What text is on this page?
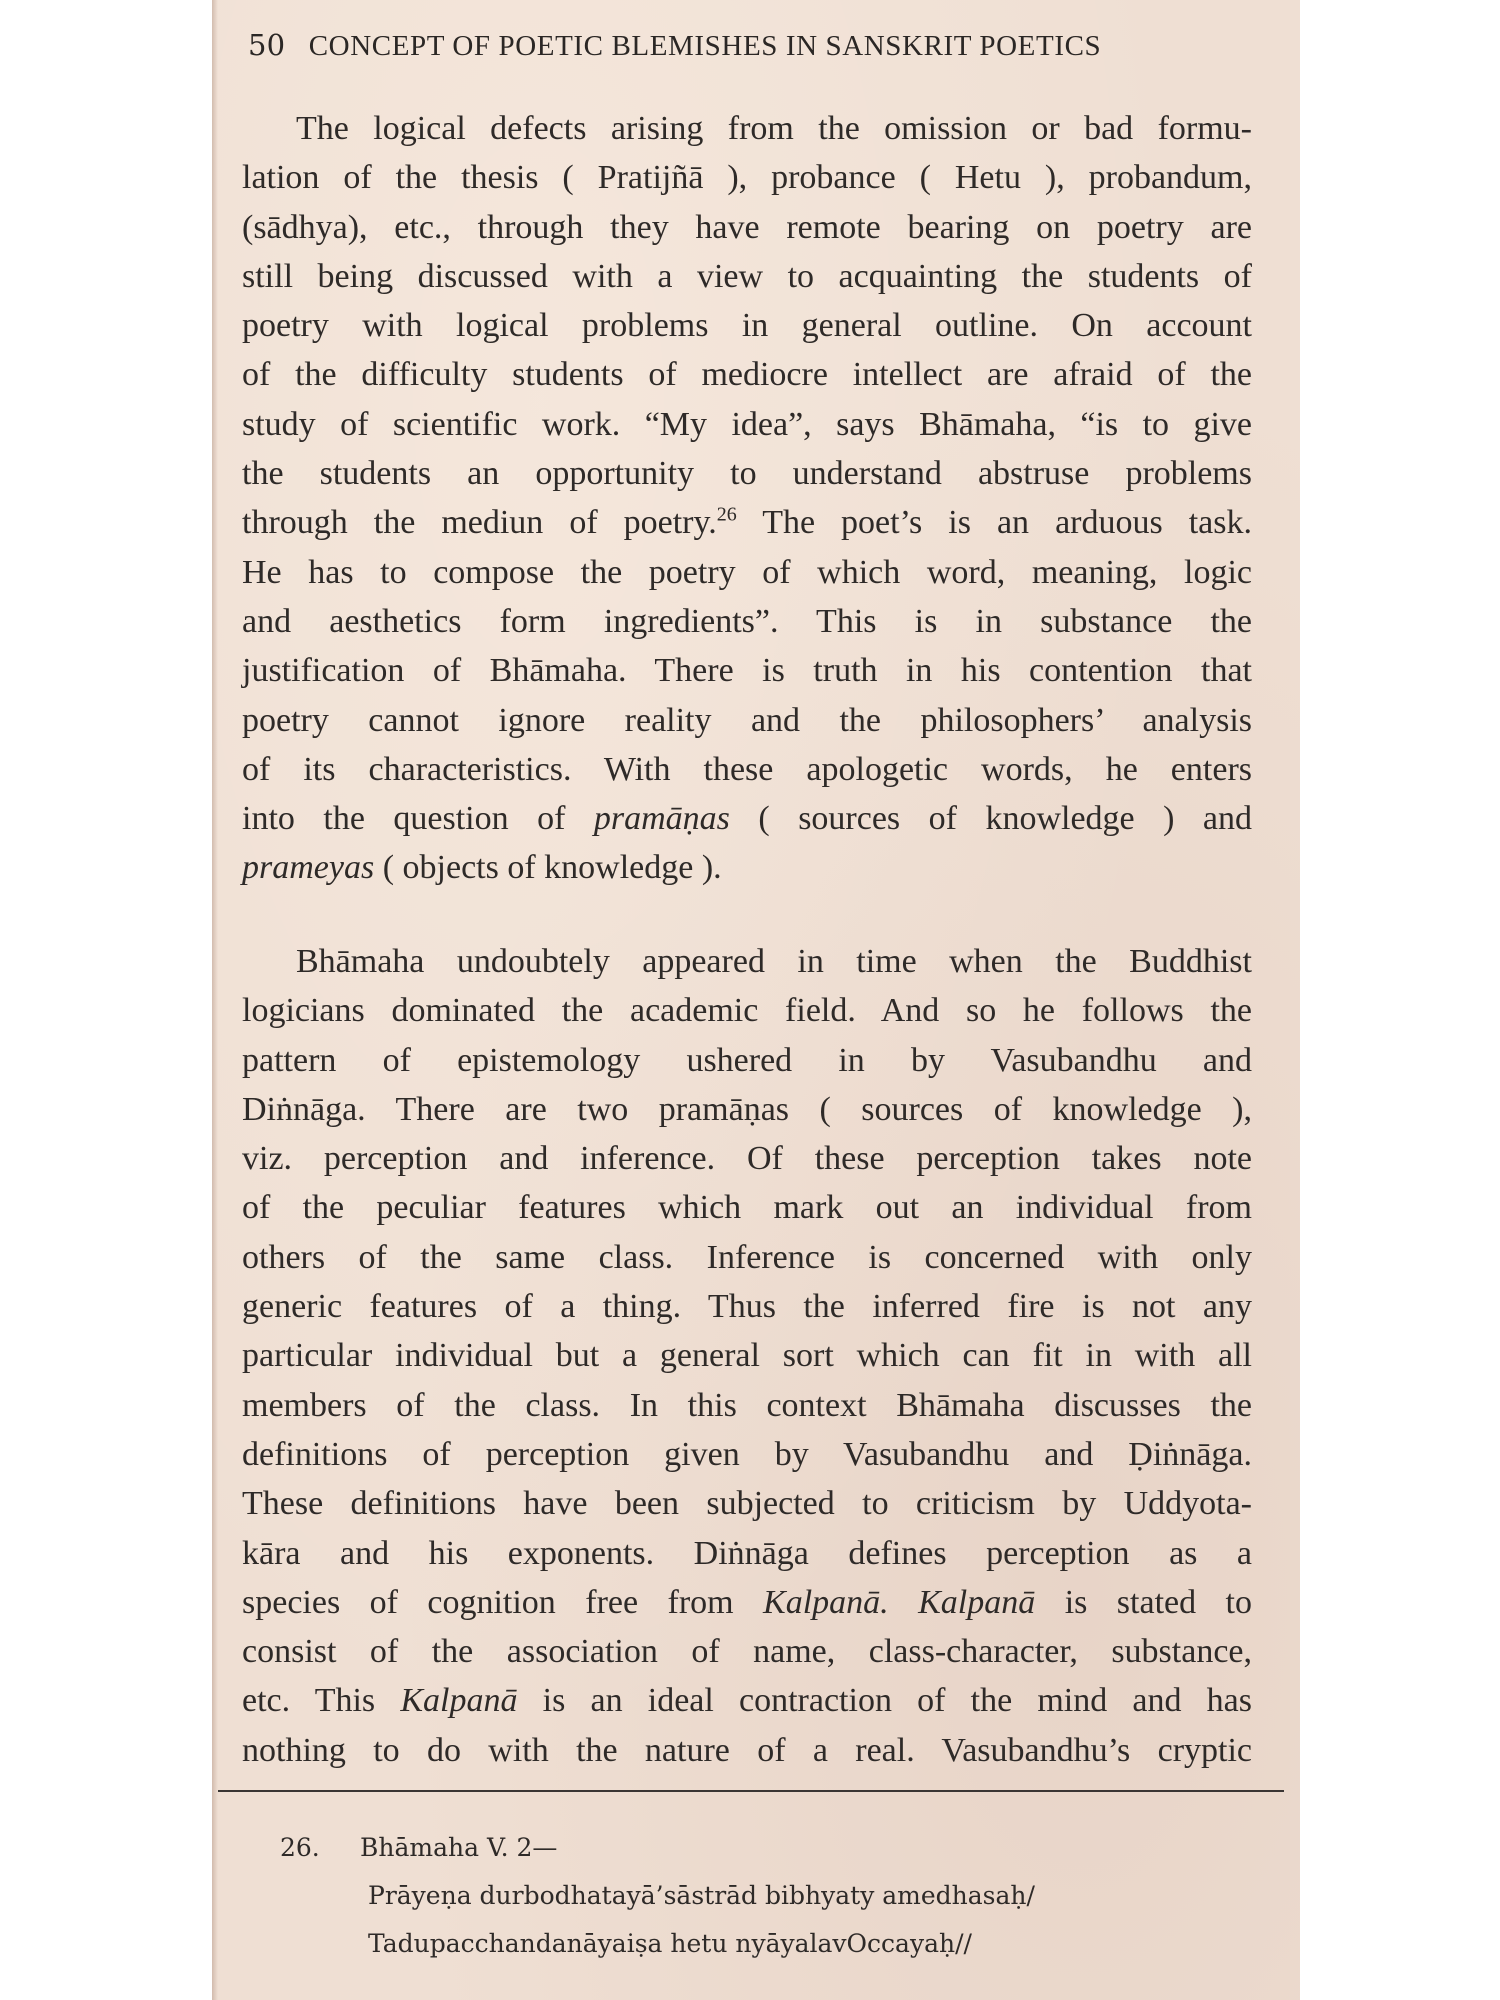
50 CONCEPT OF POETIC BLEMISHES IN SANSKRIT POETICS
The logical defects arising from the omission or bad formu-
lation of the thesis ( Pratijñā ), probance ( Hetu ), probandum,
(sādhya), etc., through they have remote bearing on poetry are
still being discussed with a view to acquainting the students of
poetry with logical problems in general outline. On account
of the difficulty students of mediocre intellect are afraid of the
study of scientific work. “My idea”, says Bhāmaha, “is to give
the students an opportunity to understand abstruse problems
through the mediun of poetry.$^{26}$ The poet’s is an arduous task.
He has to compose the poetry of which word, meaning, logic
and aesthetics form ingredients”. This is in substance the
justification of Bhāmaha. There is truth in his contention that
poetry cannot ignore reality and the philosophers’ analysis
of its characteristics. With these apologetic words, he enters
into the question of pramāṇas ( sources of knowledge ) and
prameyas ( objects of knowledge ).
Bhāmaha undoubtely appeared in time when the Buddhist
logicians dominated the academic field. And so he follows the
pattern of epistemology ushered in by Vasubandhu and
Diṅnāga. There are two pramāṇas ( sources of knowledge ),
viz. perception and inference. Of these perception takes note
of the peculiar features which mark out an individual from
others of the same class. Inference is concerned with only
generic features of a thing. Thus the inferred fire is not any
particular individual but a general sort which can fit in with all
members of the class. In this context Bhāmaha discusses the
definitions of perception given by Vasubandhu and Ḍiṅnāga.
These definitions have been subjected to criticism by Uddyota-
kāra and his exponents. Diṅnāga defines perception as a
species of cognition free from Kalpanā. Kalpanā is stated to
consist of the association of name, class-character, substance,
etc. This Kalpanā is an ideal contraction of the mind and has
nothing to do with the nature of a real. Vasubandhu’s cryptic
26. Bhāmaha V. 2—
Prāyeṇa durbodhatayā’sāstrād bibhyaty amedhasaḥ/
Tadupacchandanāyaiṣa hetu nyāyalavOccayaḥ//
